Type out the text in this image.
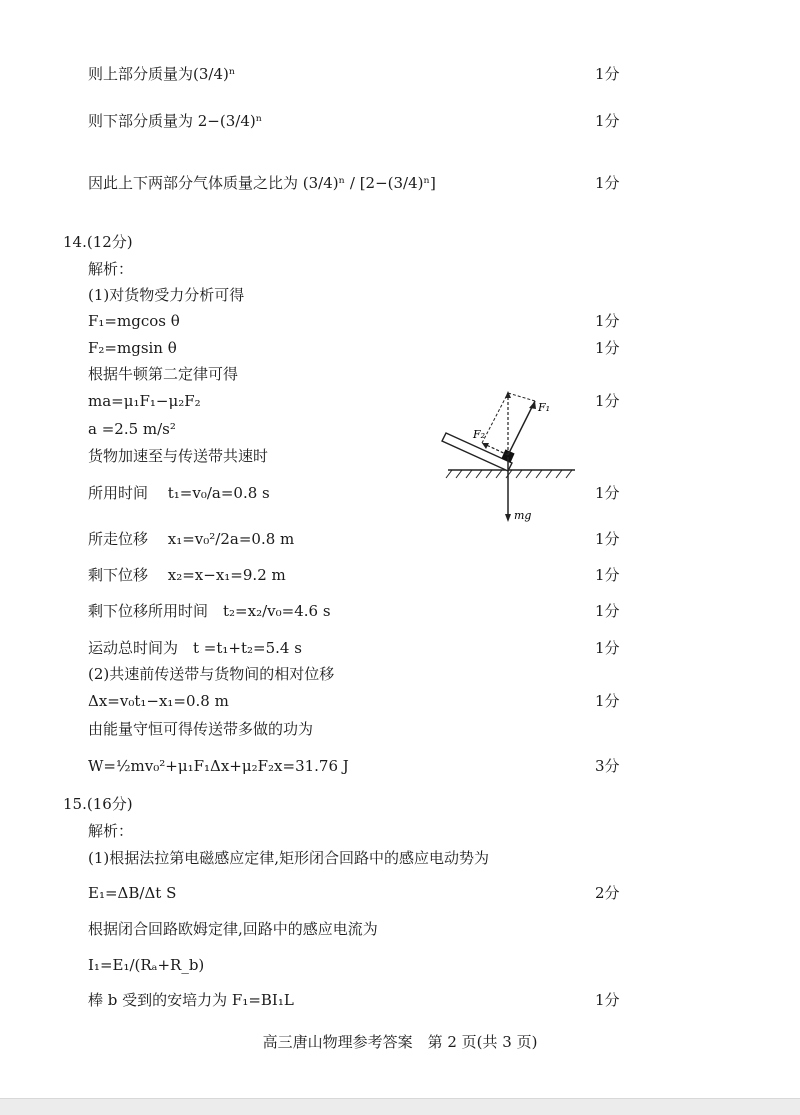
则上部分质量为(3/4)ⁿ	1分
则下部分质量为 2−(3/4)ⁿ	1分
因此上下两部分气体质量之比为 (3/4)ⁿ / [2−(3/4)ⁿ]	1分
14.(12分)
解析：
(1)对货物受力分析可得
F₁=mgcos θ	1分
F₂=mgsin θ	1分
根据牛顿第二定律可得
ma=μ₁F₁−μ₂F₂	1分
a =2.5 m/s²
货物加速至与传送带共速时
所用时间　 t₁=v₀/a=0.8 s	1分
所走位移　 x₁=v₀²/2a=0.8 m	1分
剩下位移　 x₂=x−x₁=9.2 m	1分
剩下位移所用时间　t₂=x₂/v₀=4.6 s	1分
运动总时间为　t =t₁+t₂=5.4 s	1分
(2)共速前传送带与货物间的相对位移
Δx=v₀t₁−x₁=0.8 m	1分
由能量守恒可得传送带多做的功为
W=½mv₀²+μ₁F₁Δx+μ₂F₂x=31.76 J	3分
15.(16分)
解析：
(1)根据法拉第电磁感应定律,矩形闭合回路中的感应电动势为
E₁=ΔB/Δt S	2分
根据闭合回路欧姆定律,回路中的感应电流为
I₁=E₁/(Rₐ+R_b)
棒 b 受到的安培力为 F₁=BI₁L	1分
F₁
F₂
mg
高三唐山物理参考答案　第 2 页(共 3 页)
